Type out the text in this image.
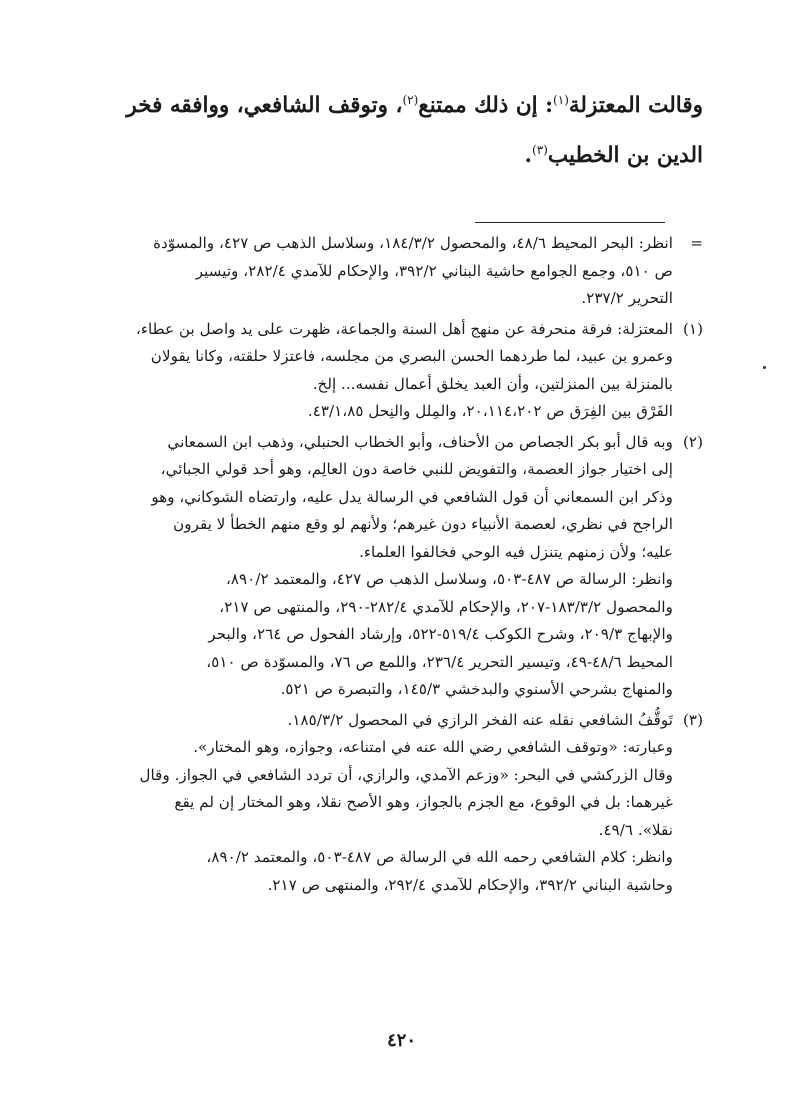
وقالت المعتزلة$^{(١)}$: إن ذلك ممتنع$^{(٢)}$، وتوقف الشافعي، ووافقه فخر
الدين بن الخطيب$^{(٣)}$.
=
انظر: البحر المحيط ٤٨/٦، والمحصول ١٨٤/٣/٢، وسلاسل الذهب ص ٤٢٧، والمسوّدة
ص ٥١٠، وجمع الجوامع حاشية البناني ٣٩٢/٢، والإحكام للآمدي ٢٨٢/٤، وتيسير
التحرير ٢٣٧/٢.
(١)
المعتزلة: فرقة منحرفة عن منهج أهل السنة والجماعة، ظهرت على يد واصل بن عطاء،
وعمرو بن عبيد، لما طردهما الحسن البصري من مجلسه، فاعتزلا حلقته، وكانا يقولان
بالمنزلة بين المنزلتين، وأن العبد يخلق أعمال نفسه... إلخ.
الفَرْق بين الفِرَق ص ٢٠،١١٤،٢٠٢، والمِلل والنِحل ٤٣/١،٨٥.
(٢)
وبه قال أبو بكر الجصاص من الأحناف، وأبو الخطاب الحنبلي، وذهب ابن السمعاني
إلى اختيار جواز العصمة، والتفويض للنبي خاصة دون العالِم، وهو أحد قولي الجبائي،
وذكر ابن السمعاني أن قول الشافعي في الرسالة يدل عليه، وارتضاه الشوكاني، وهو
الراجح في نظري، لعصمة الأنبياء دون غيرهم؛ ولأنهم لو وقع منهم الخطأ لا يقرون
عليه؛ ولأن زمنهم يتنزل فيه الوحي فخالفوا العلماء.
وانظر: الرسالة ص ٤٨٧-٥٠٣، وسلاسل الذهب ص ٤٢٧، والمعتمد ٨٩٠/٢،
والمحصول ١٨٣/٣/٢-٢٠٧، والإحكام للآمدي ٢٨٢/٤-٢٩٠، والمنتهى ص ٢١٧،
والإبهاج ٢٠٩/٣، وشرح الكوكب ٥١٩/٤-٥٢٢، وإرشاد الفحول ص ٢٦٤، والبحر
المحيط ٤٨/٦-٤٩، وتيسير التحرير ٢٣٦/٤، واللمع ص ٧٦، والمسوّدة ص ٥١٠،
والمنهاج بشرحي الأسنوي والبدخشي ١٤٥/٣، والتبصرة ص ٥٢١.
(٣)
تَوقُّفُ الشافعي نقله عنه الفخر الرازي في المحصول ١٨٥/٣/٢.
وعبارته: «وتوقف الشافعي رضي الله عنه في امتناعه، وجوازه، وهو المختار».
وقال الزركشي في البحر: «وزعم الآمدي، والرازي، أن تردد الشافعي في الجواز. وقال
غيرهما: بل في الوقوع، مع الجزم بالجواز، وهو الأصح نقلا، وهو المختار إن لم يقع
نقلا». ٤٩/٦.
وانظر: كلام الشافعي رحمه الله في الرسالة ص ٤٨٧-٥٠٣، والمعتمد ٨٩٠/٢،
وحاشية البناني ٣٩٢/٢، والإحكام للآمدي ٢٩٢/٤، والمنتهى ص ٢١٧.
٤٢٠
